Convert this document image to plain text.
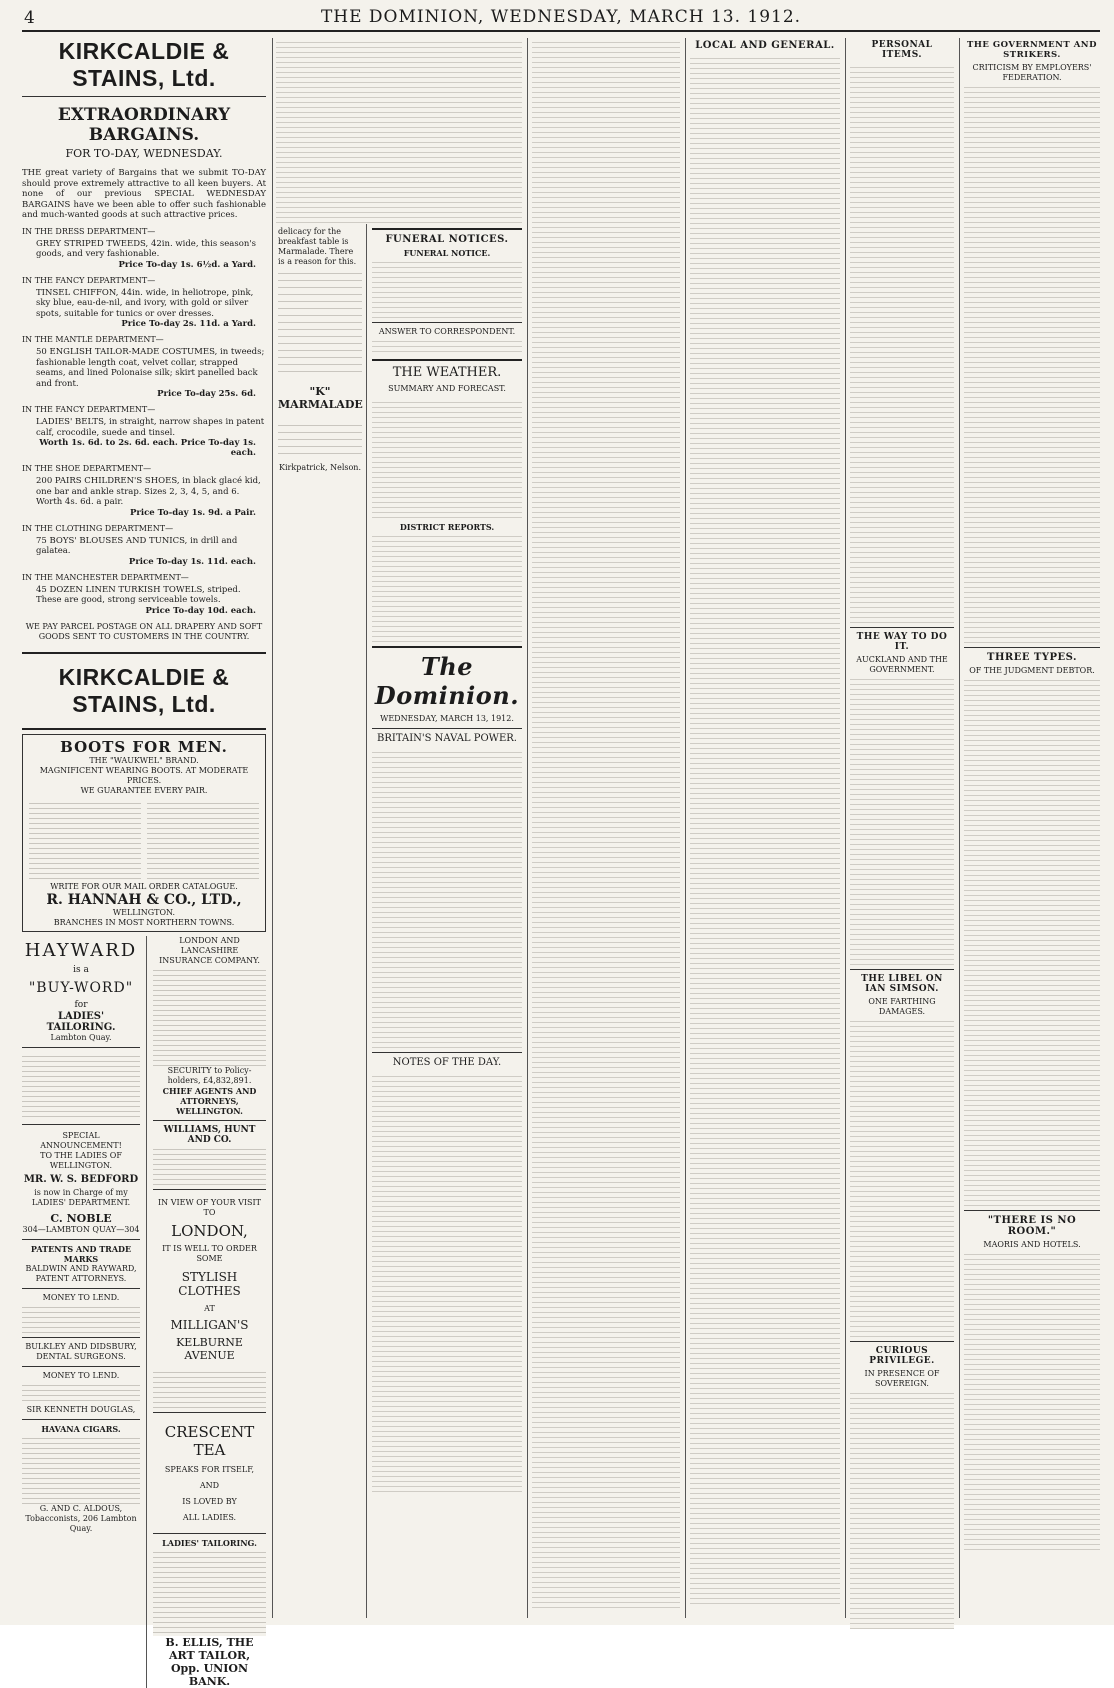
4	THE DOMINION, WEDNESDAY, MARCH 13. 1912.
KIRKCALDIE & STAINS, Ltd.
EXTRAORDINARY BARGAINS.
FOR TO-DAY, WEDNESDAY.
THE great variety of Bargains that we submit TO-DAY should prove extremely attractive to all keen buyers. At none of our previous SPECIAL WEDNESDAY BARGAINS have we been able to offer such fashionable and much-wanted goods at such attractive prices.
IN THE DRESS DEPARTMENT—
GREY STRIPED TWEEDS, 42in. wide, this season's goods, and very fashionable.
Price To-day 1s. 6½d. a Yard.
IN THE FANCY DEPARTMENT—
TINSEL CHIFFON, 44in. wide, in heliotrope, pink, sky blue, eau-de-nil, and ivory, with gold or silver spots, suitable for tunics or over dresses.
Price To-day 2s. 11d. a Yard.
IN THE MANTLE DEPARTMENT—
50 ENGLISH TAILOR-MADE COSTUMES, in tweeds; fashionable length coat, velvet collar, strapped seams, and lined Polonaise silk; skirt panelled back and front.
Price To-day 25s. 6d.
IN THE FANCY DEPARTMENT—
LADIES' BELTS, in straight, narrow shapes in patent calf, crocodile, suede and tinsel.
Worth 1s. 6d. to 2s. 6d. each. Price To-day 1s. each.
IN THE SHOE DEPARTMENT—
200 PAIRS CHILDREN'S SHOES, in black glacé kid, one bar and ankle strap. Sizes 2, 3, 4, 5, and 6. Worth 4s. 6d. a pair.
Price To-day 1s. 9d. a Pair.
IN THE CLOTHING DEPARTMENT—
75 BOYS' BLOUSES AND TUNICS, in drill and galatea.
Price To-day 1s. 11d. each.
IN THE MANCHESTER DEPARTMENT—
45 DOZEN LINEN TURKISH TOWELS, striped. These are good, strong serviceable towels.
Price To-day 10d. each.
WE PAY PARCEL POSTAGE ON ALL DRAPERY AND SOFT GOODS SENT TO CUSTOMERS IN THE COUNTRY.
KIRKCALDIE & STAINS, Ltd.
BOOTS FOR MEN.
THE "WAUKWEL" BRAND.
MAGNIFICENT WEARING BOOTS. AT MODERATE PRICES.
WE GUARANTEE EVERY PAIR.
WRITE FOR OUR MAIL ORDER CATALOGUE.
R. HANNAH & CO., LTD.,
WELLINGTON.
BRANCHES IN MOST NORTHERN TOWNS.
HAYWARD
is a
"BUY-WORD"
for
LADIES' TAILORING.
Lambton Quay.
SPECIAL ANNOUNCEMENT!
TO THE LADIES OF WELLINGTON.
MR. W. S. BEDFORD
is now in Charge of my LADIES' DEPARTMENT.
C. NOBLE
304—LAMBTON QUAY—304
PATENTS AND TRADE MARKS
BALDWIN AND RAYWARD,
PATENT ATTORNEYS.
MONEY TO LEND.
BULKLEY AND DIDSBURY, DENTAL SURGEONS.
MONEY TO LEND.
SIR KENNETH DOUGLAS,
HAVANA CIGARS.
G. AND C. ALDOUS, Tobacconists, 206 Lambton Quay.
LONDON AND LANCASHIRE INSURANCE COMPANY.
SECURITY to Policy-holders, £4,832,891.
CHIEF AGENTS AND ATTORNEYS, WELLINGTON.
WILLIAMS, HUNT AND CO.
IN VIEW OF YOUR VISIT TO
LONDON,
IT IS WELL TO ORDER SOME
STYLISH CLOTHES
AT
MILLIGAN'S
KELBURNE AVENUE
CRESCENT TEA
SPEAKS FOR ITSELF,
AND
IS LOVED BY
ALL LADIES.
LADIES' TAILORING.
B. ELLIS, THE ART TAILOR, Opp. UNION BANK.
delicacy for the breakfast table is Marmalade. There is a reason for this.
"K" MARMALADE
Kirkpatrick, Nelson.
FUNERAL NOTICES.
FUNERAL NOTICE.
ANSWER TO CORRESPONDENT.
THE WEATHER.
SUMMARY AND FORECAST.
DISTRICT REPORTS.
The Dominion.
WEDNESDAY, MARCH 13, 1912.
BRITAIN'S NAVAL POWER.
NOTES OF THE DAY.
LOCAL AND GENERAL.	PERSONAL ITEMS.
THE WAY TO DO IT.
AUCKLAND AND THE GOVERNMENT.
THE LIBEL ON IAN SIMSON.
ONE FARTHING DAMAGES.
CURIOUS PRIVILEGE.
IN PRESENCE OF SOVEREIGN.
THE GOVERNMENT AND STRIKERS.
CRITICISM BY EMPLOYERS' FEDERATION.
THREE TYPES.
OF THE JUDGMENT DEBTOR.
"THERE IS NO ROOM."
MAORIS AND HOTELS.
